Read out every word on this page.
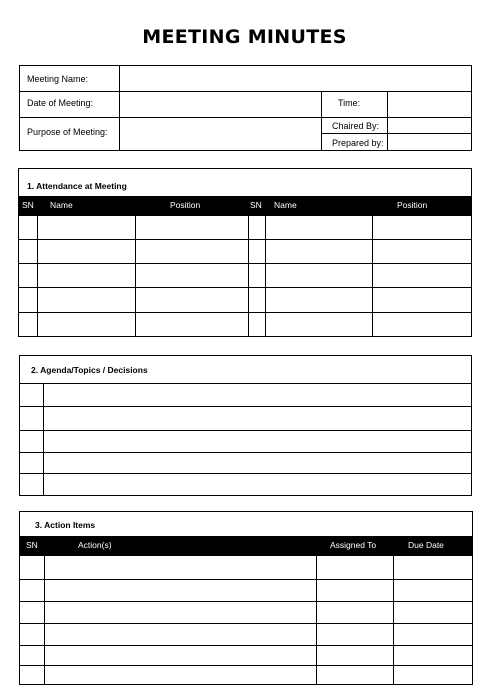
MEETING MINUTES
Meeting Name:
Date of Meeting:	Time:
Purpose of Meeting:
Chaired By:
Prepared by:
1. Attendance at Meeting
SN Name	Position	SN Name	Position
2. Agenda/Topics / Decisions
3. Action Items
SN	Action(s)	Assigned To	Due Date
